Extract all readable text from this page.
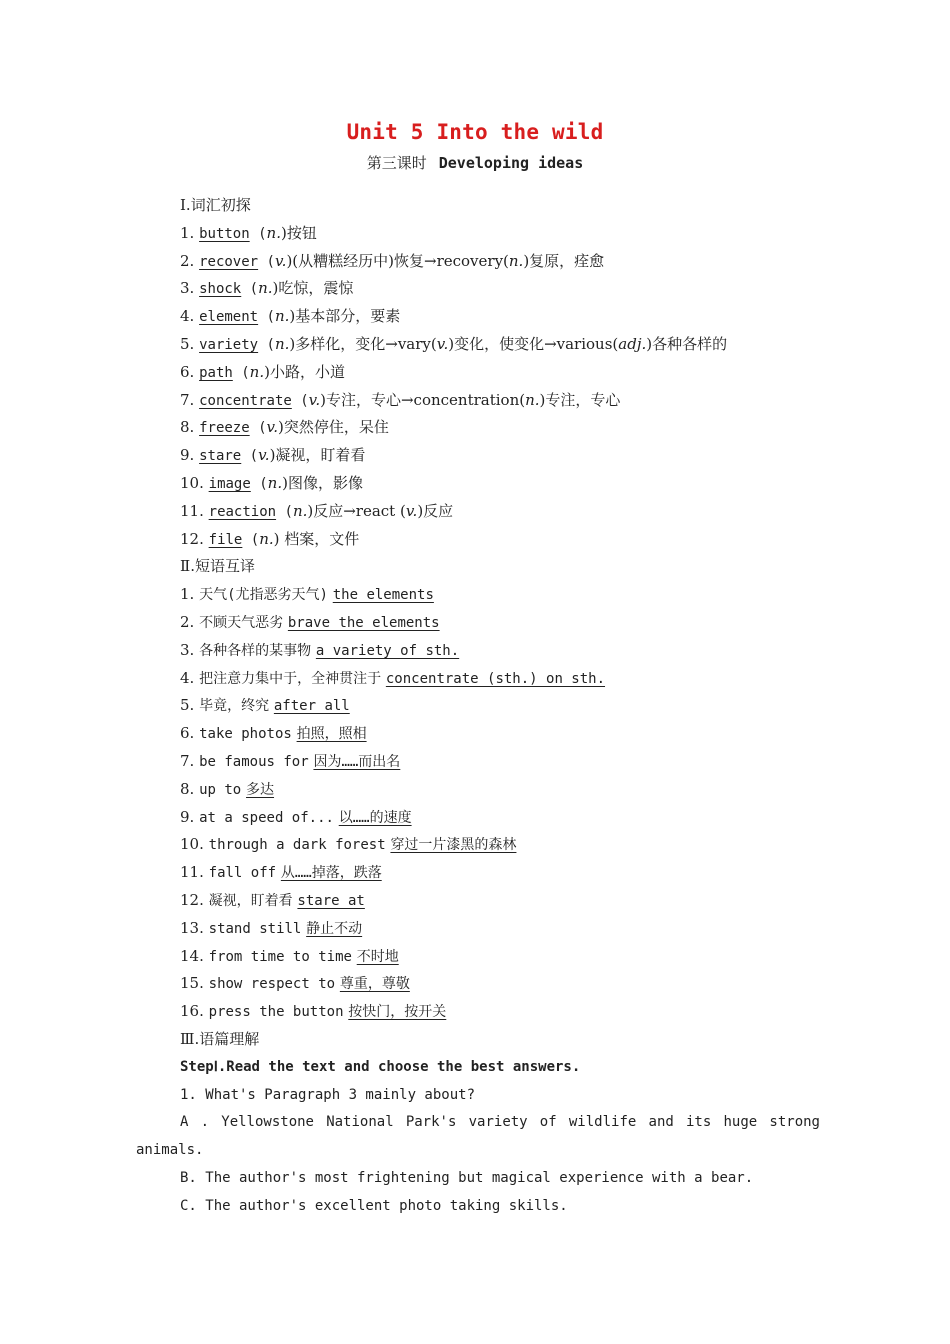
Unit 5 Into the wild
第三课时 Developing ideas
Ⅰ.词汇初探
1. button (n.)按钮
2. recover (v.)(从糟糕经历中)恢复→recovery(n.)复原，痊愈
3. shock (n.)吃惊，震惊
4. element (n.)基本部分，要素
5. variety (n.)多样化，变化→vary(v.)变化，使变化→various(adj.)各种各样的
6. path (n.)小路，小道
7. concentrate (v.)专注，专心→concentration(n.)专注，专心
8. freeze (v.)突然停住，呆住
9. stare (v.)凝视，盯着看
10. image (n.)图像，影像
11. reaction (n.)反应→react (v.)反应
12. file (n.) 档案，文件
Ⅱ.短语互译
1. 天气(尤指恶劣天气) the elements
2. 不顾天气恶劣 brave the elements
3. 各种各样的某事物 a variety of sth.
4. 把注意力集中于，全神贯注于 concentrate (sth.) on sth.
5. 毕竟，终究 after all
6. take photos 拍照，照相
7. be famous for 因为……而出名
8. up to 多达
9. at a speed of... 以……的速度
10. through a dark forest 穿过一片漆黑的森林
11. fall off 从……掉落，跌落
12. 凝视，盯着看 stare at
13. stand still 静止不动
14. from time to time 不时地
15. show respect to 尊重，尊敬
16. press the button 按快门，按开关
Ⅲ.语篇理解
StepⅠ.Read the text and choose the best answers.
1. What's Paragraph 3 mainly about?
A . Yellowstone National Park's variety of wildlife and its huge strong
animals.
B. The author's most frightening but magical experience with a bear.
C. The author's excellent photo taking skills.
